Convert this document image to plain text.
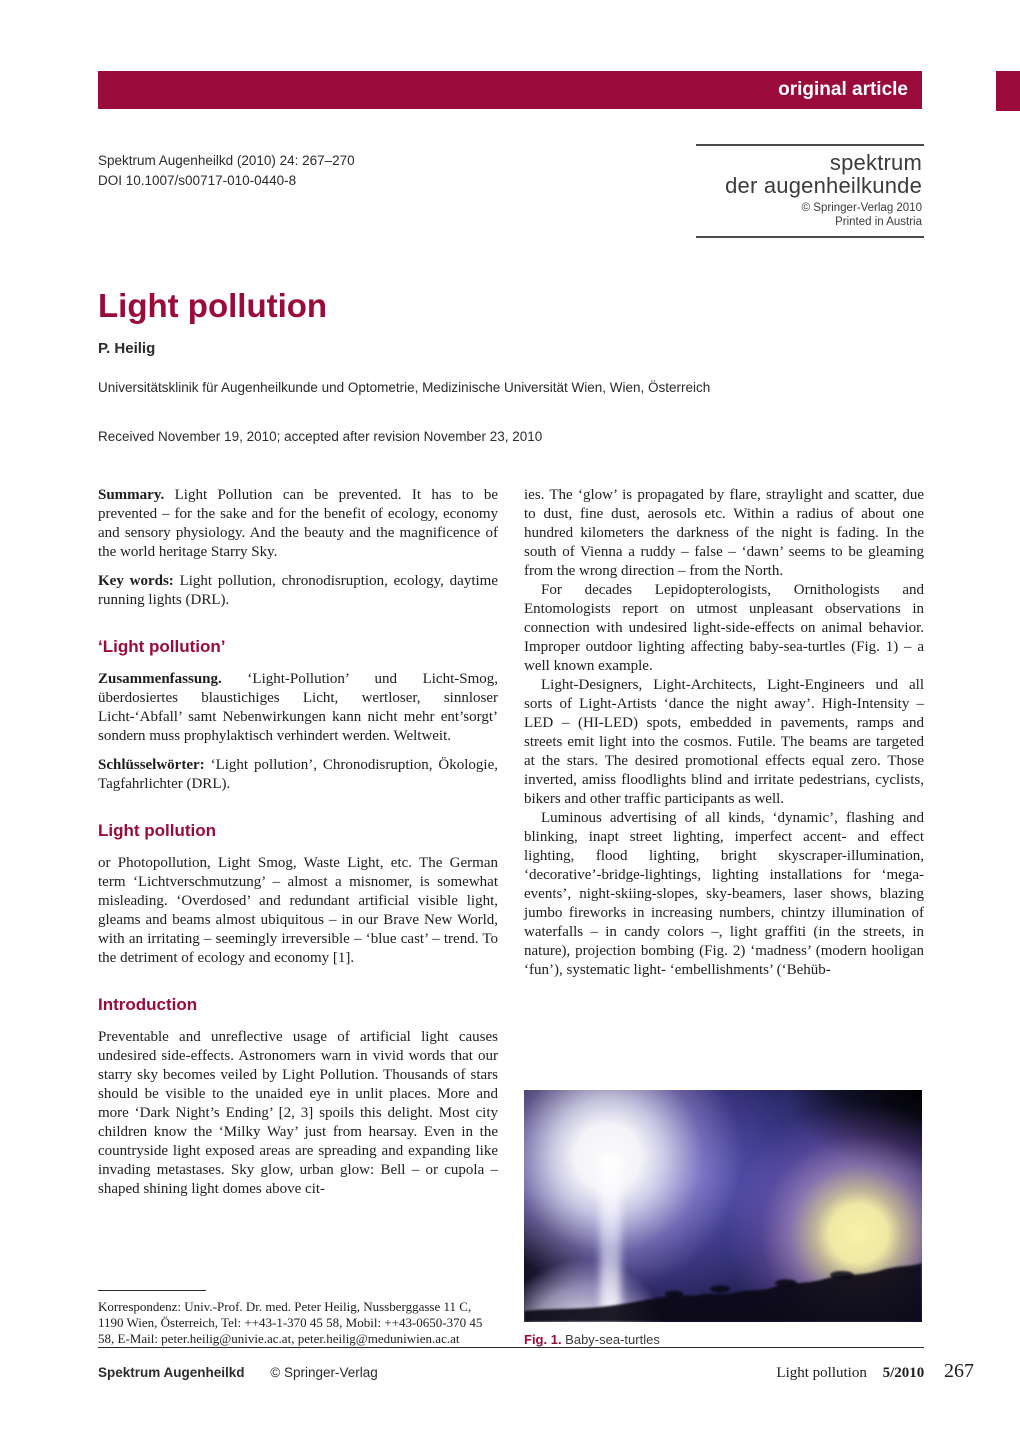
original article
Spektrum Augenheilkd (2010) 24: 267–270
DOI 10.1007/s00717-010-0440-8
spektrum
der augenheilkunde
© Springer-Verlag 2010
Printed in Austria
Light pollution
P. Heilig
Universitätsklinik für Augenheilkunde und Optometrie, Medizinische Universität Wien, Wien, Österreich
Received November 19, 2010; accepted after revision November 23, 2010

Summary. Light Pollution can be prevented. It has to be prevented – for the sake and for the benefit of ecology, economy and sensory physiology. And the beauty and the magnificence of the world heritage Starry Sky.

Key words: Light pollution, chronodisruption, ecology, daytime running lights (DRL).

‘Light pollution’

Zusammenfassung. ‘Light-Pollution’ und Licht-Smog, überdosiertes blaustichiges Licht, wertloser, sinnloser Licht-‘Abfall’ samt Nebenwirkungen kann nicht mehr ent’sorgt’ sondern muss prophylaktisch verhindert werden. Weltweit.

Schlüsselwörter: ‘Light pollution’, Chronodisruption, Ökologie, Tagfahrlichter (DRL).

Light pollution

or Photopollution, Light Smog, Waste Light, etc. The German term ‘Lichtverschmutzung’ – almost a misnomer, is somewhat misleading. ‘Overdosed’ and redundant artificial visible light, gleams and beams almost ubiquitous – in our Brave New World, with an irritating – seemingly irreversible – ‘blue cast’ – trend. To the detriment of ecology and economy [1].

Introduction

Preventable and unreflective usage of artificial light causes undesired side-effects. Astronomers warn in vivid words that our starry sky becomes veiled by Light Pollution. Thousands of stars should be visible to the unaided eye in unlit places. More and more ‘Dark Night’s Ending’ [2, 3] spoils this delight. Most city children know the ‘Milky Way’ just from hearsay. Even in the countryside light exposed areas are spreading and expanding like invading metastases. Sky glow, urban glow: Bell – or cupola – shaped shining light domes above cit-

Korrespondenz: Univ.-Prof. Dr. med. Peter Heilig, Nussberggasse 11 C, 1190 Wien, Österreich, Tel: ++43-1-370 45 58, Mobil: ++43-0650-370 45 58, E-Mail: peter.heilig@univie.ac.at, peter.heilig@meduniwien.ac.at

ies. The ‘glow’ is propagated by flare, straylight and scatter, due to dust, fine dust, aerosols etc. Within a radius of about one hundred kilometers the darkness of the night is fading. In the south of Vienna a ruddy – false – ‘dawn’ seems to be gleaming from the wrong direction – from the North.

For decades Lepidopterologists, Ornithologists and Entomologists report on utmost unpleasant observations in connection with undesired light-side-effects on animal behavior. Improper outdoor lighting affecting baby-sea-turtles (Fig. 1) – a well known example.

Light-Designers, Light-Architects, Light-Engineers und all sorts of Light-Artists ‘dance the night away’. High-Intensity – LED – (HI-LED) spots, embedded in pavements, ramps and streets emit light into the cosmos. Futile. The beams are targeted at the stars. The desired promotional effects equal zero. Those inverted, amiss floodlights blind and irritate pedestrians, cyclists, bikers and other traffic participants as well.

Luminous advertising of all kinds, ‘dynamic’, flashing and blinking, inapt street lighting, imperfect accent- and effect lighting, flood lighting, bright skyscraper-illumination, ‘decorative’-bridge-lightings, lighting installations for ‘mega-events’, night-skiing-slopes, sky-beamers, laser shows, blazing jumbo fireworks in increasing numbers, chintzy illumination of waterfalls – in candy colors –, light graffiti (in the streets, in nature), projection bombing (Fig. 2) ‘madness’ (modern hooligan ‘fun’), systematic light- ‘embellishments’ (‘Behüb-

Fig. 1. Baby-sea-turtles
Spektrum Augenheilkd © Springer-Verlag	Light pollution 5/2010 267
